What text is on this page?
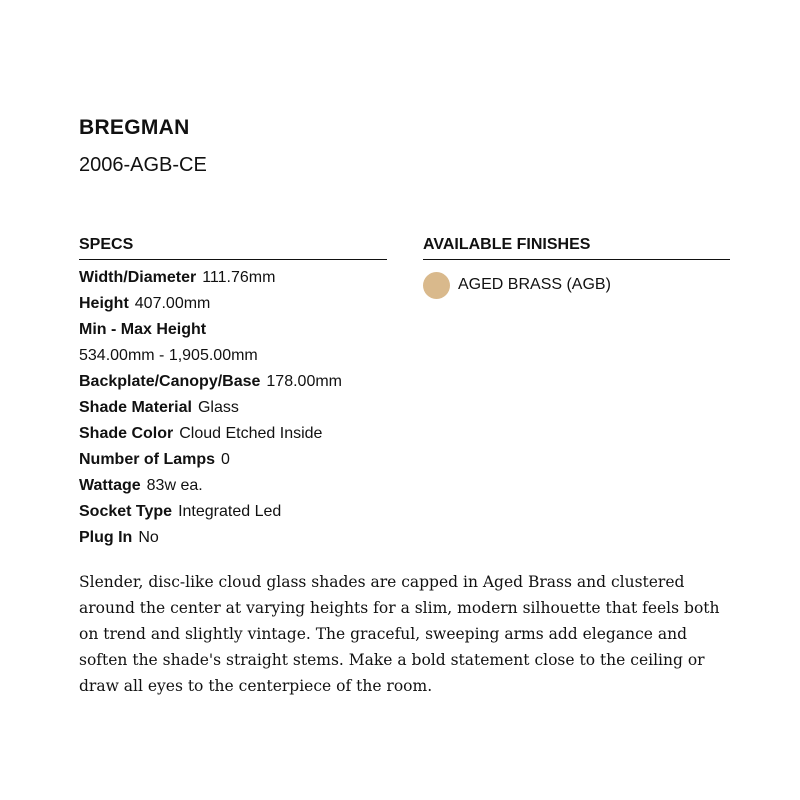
BREGMAN
2006-AGB-CE
SPECS	AVAILABLE FINISHES
Width/Diameter 111.76mm
Height 407.00mm
Min - Max Height
534.00mm - 1,905.00mm
Backplate/Canopy/Base 178.00mm
Shade Material Glass
Shade Color Cloud Etched Inside
Number of Lamps 0
Wattage 83w ea.
Socket Type Integrated Led
Plug In No
AGED BRASS (AGB)

Slender, disc-like cloud glass shades are capped in Aged Brass and clustered around the center at varying heights for a slim, modern silhouette that feels both on trend and slightly vintage. The graceful, sweeping arms add elegance and soften the shade's straight stems. Make a bold statement close to the ceiling or draw all eyes to the centerpiece of the room.
